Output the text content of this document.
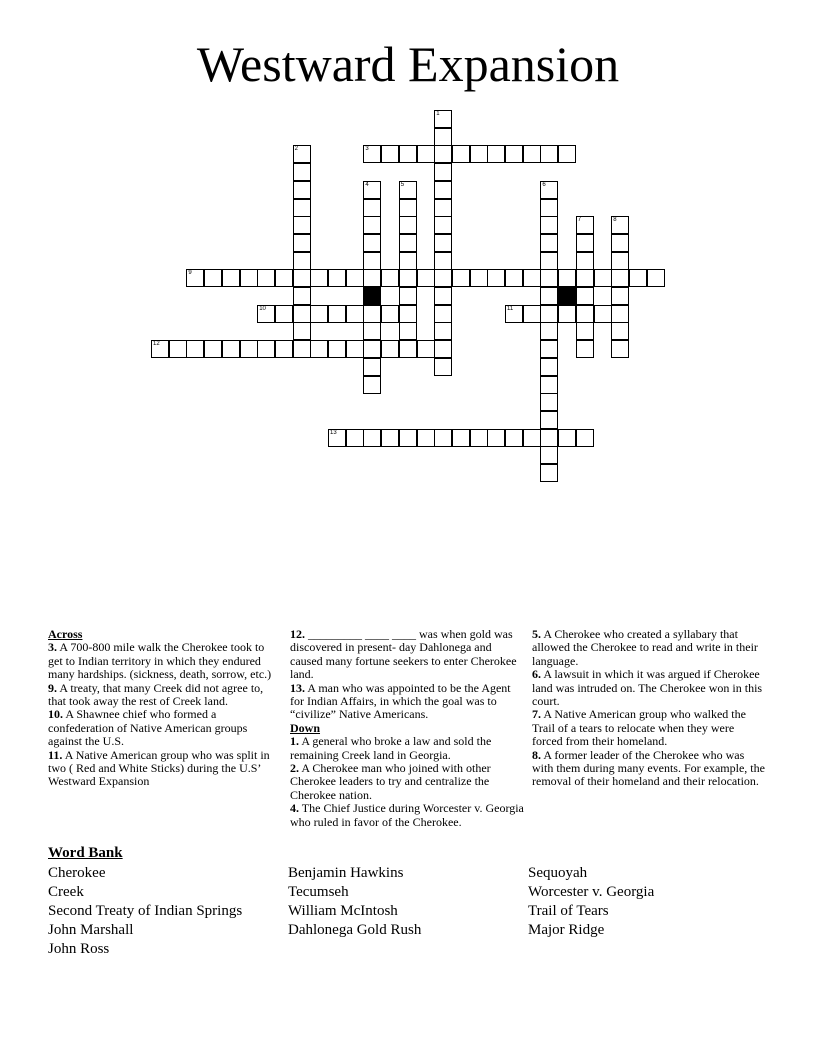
Westward Expansion
1
2	3
4	5	6
7	8
9
10	11
12
13
Across
3. A 700-800 mile walk the Cherokee took to get to Indian territory in which they endured many hardships. (sickness, death, sorrow, etc.)
9. A treaty, that many Creek did not agree to, that took away the rest of Creek land.
10. A Shawnee chief who formed a confederation of Native American groups against the U.S.
11. A Native American group who was split in two ( Red and White Sticks) during the U.S’ Westward Expansion
12. _________ ____ ____ was when gold was discovered in present- day Dahlonega and caused many fortune seekers to enter Cherokee land.
13. A man who was appointed to be the Agent for Indian Affairs, in which the goal was to “civilize” Native Americans.
Down
1. A general who broke a law and sold the remaining Creek land in Georgia.
2. A Cherokee man who joined with other Cherokee leaders to try and centralize the Cherokee nation.
4. The Chief Justice during Worcester v. Georgia who ruled in favor of the Cherokee.
5. A Cherokee who created a syllabary that allowed the Cherokee to read and write in their language.
6. A lawsuit in which it was argued if Cherokee land was intruded on. The Cherokee won in this court.
7. A Native American group who walked the Trail of a tears to relocate when they were forced from their homeland.
8. A former leader of the Cherokee who was with them during many events. For example, the removal of their homeland and their relocation.
Word Bank
Cherokee
Creek
Second Treaty of Indian Springs
John Marshall
John Ross
Benjamin Hawkins
Tecumseh
William McIntosh
Dahlonega Gold Rush
Sequoyah
Worcester v. Georgia
Trail of Tears
Major Ridge
